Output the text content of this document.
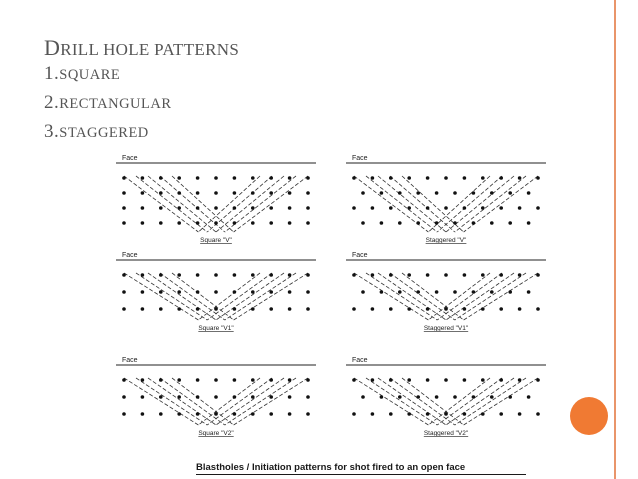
DRILL HOLE PATTERNS
1.SQUARE
2.RECTANGULAR
3.STAGGERED
Face
Square "V"
Face
Staggered "V"
Face
Square "V1"
Face
Staggered "V1"
Face
Square "V2"
Face
Staggered "V2"
Blastholes / Initiation patterns for shot fired to an open face
